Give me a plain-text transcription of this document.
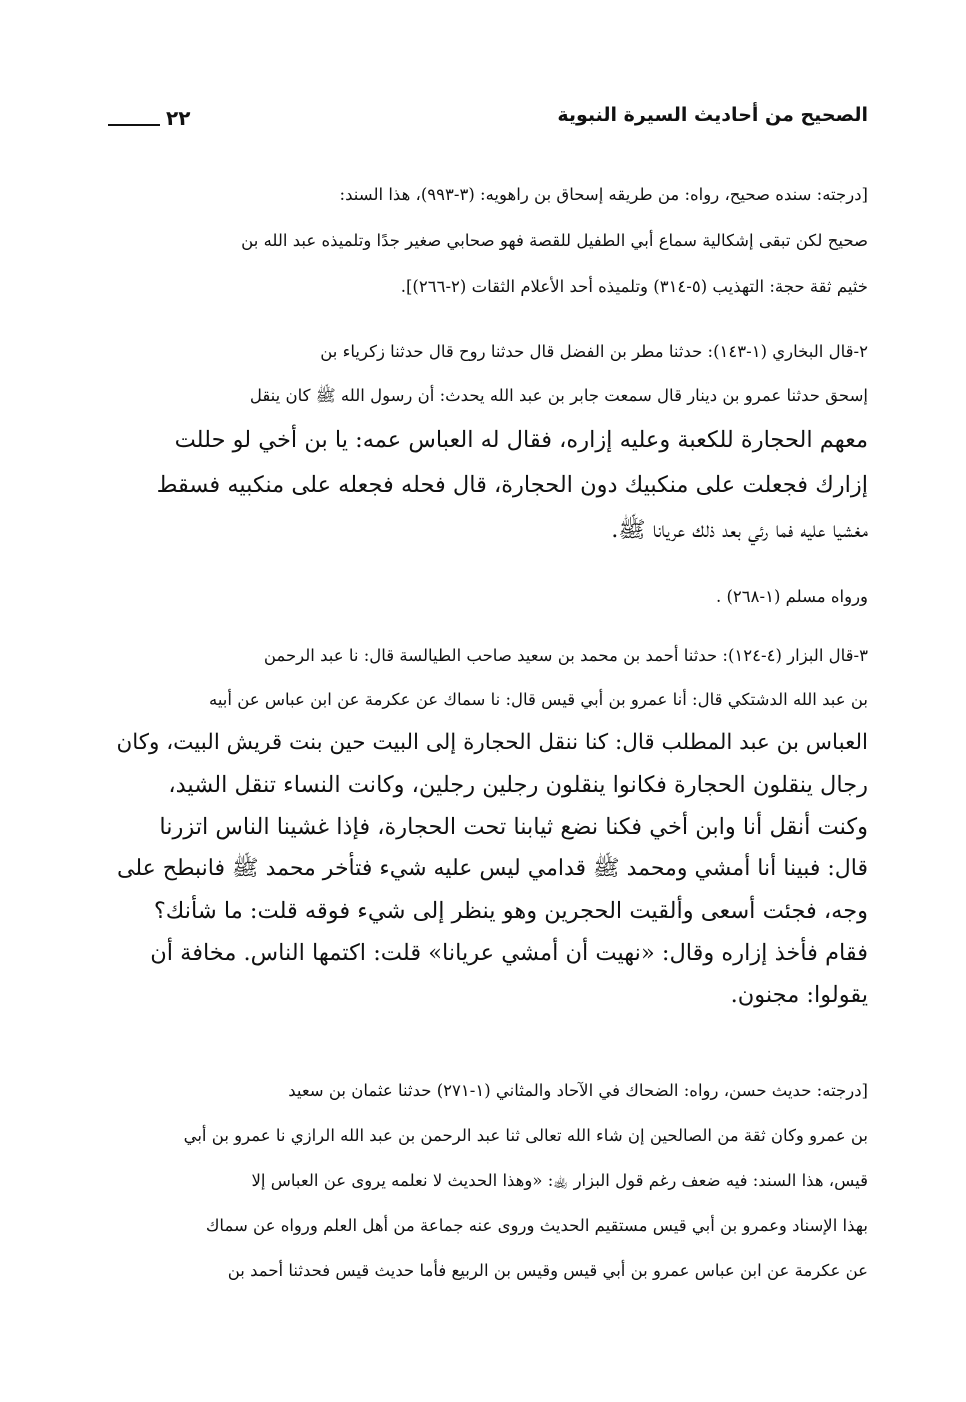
الصحيح من أحاديث السيرة النبوية
٢٢
[درجته: سنده صحيح، رواه: من طريقه إسحاق بن راهويه: (٣-٩٩٣)، هذا السند:
صحيح لكن تبقى إشكالية سماع أبي الطفيل للقصة فهو صحابي صغير جدًا وتلميذه عبد الله بن
خثيم ثقة حجة: التهذيب (٥-٣١٤) وتلميذه أحد الأعلام الثقات (٢-٢٦٦)].
٢-قال البخاري (١-١٤٣): حدثنا مطر بن الفضل قال حدثنا روح قال حدثنا زكرياء بن
إسحق حدثنا عمرو بن دينار قال سمعت جابر بن عبد الله يحدث: أن رسول الله ﷺ كان ينقل
معهم الحجارة للكعبة وعليه إزاره، فقال له العباس عمه: يا بن أخي لو حللت
إزارك فجعلت على منكبيك دون الحجارة، قال فحله فجعله على منكبيه فسقط
مغشيا عليه فما رئي بعد ذلك عريانا ﷺ.
ورواه مسلم (١-٢٦٨) .
٣-قال البزار (٤-١٢٤): حدثنا أحمد بن محمد بن سعيد صاحب الطيالسة قال: نا عبد الرحمن
بن عبد الله الدشتكي قال: أنا عمرو بن أبي قيس قال: نا سماك عن عكرمة عن ابن عباس عن أبيه
العباس بن عبد المطلب قال: كنا ننقل الحجارة إلى البيت حين بنت قريش البيت، وكان
رجال ينقلون الحجارة فكانوا ينقلون رجلين رجلين، وكانت النساء تنقل الشيد،
وكنت أنقل أنا وابن أخي فكنا نضع ثيابنا تحت الحجارة، فإذا غشينا الناس اتزرنا
قال: فبينا أنا أمشي ومحمد ﷺ قدامي ليس عليه شيء فتأخر محمد ﷺ فانبطح على
وجه، فجئت أسعى وألقيت الحجرين وهو ينظر إلى شيء فوقه قلت: ما شأنك؟
فقام فأخذ إزاره وقال: «نهيت أن أمشي عريانا» قلت: اكتمها الناس. مخافة أن
يقولوا: مجنون.
[درجته: حديث حسن، رواه: الضحاك في الآحاد والمثاني (١-٢٧١) حدثنا عثمان بن سعيد
بن عمرو وكان ثقة من الصالحين إن شاء الله تعالى ثنا عبد الرحمن بن عبد الله الرازي نا عمرو بن أبي
قيس، هذا السند: فيه ضعف رغم قول البزار ﵀: «وهذا الحديث لا نعلمه يروى عن العباس إلا
بهذا الإسناد وعمرو بن أبي قيس مستقيم الحديث وروى عنه جماعة من أهل العلم ورواه عن سماك
عن عكرمة عن ابن عباس عمرو بن أبي قيس وقيس بن الربيع فأما حديث قيس فحدثنا أحمد بن
